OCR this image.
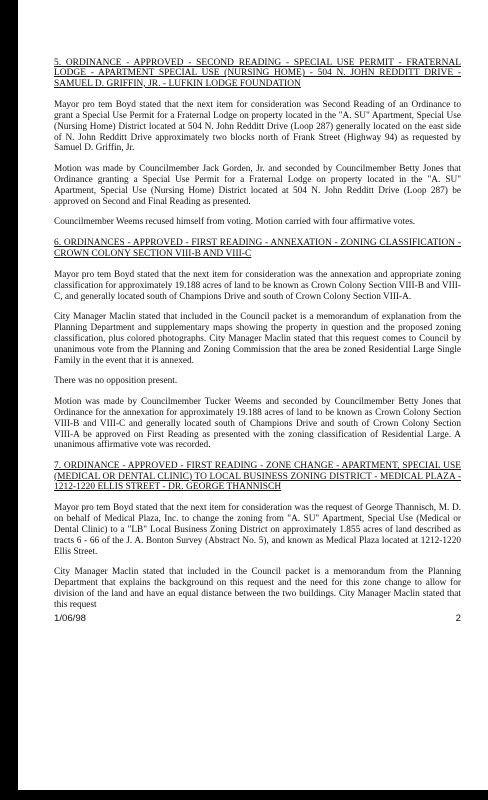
5. ORDINANCE - APPROVED - SECOND READING - SPECIAL USE PERMIT - FRATERNAL LODGE - APARTMENT SPECIAL USE (NURSING HOME) - 504 N. JOHN REDDITT DRIVE - SAMUEL D. GRIFFIN, JR. - LUFKIN LODGE FOUNDATION

Mayor pro tem Boyd stated that the next item for consideration was Second Reading of an Ordinance to grant a Special Use Permit for a Fraternal Lodge on property located in the "A. SU" Apartment, Special Use (Nursing Home) District located at 504 N. John Redditt Drive (Loop 287) generally located on the east side of N. John Redditt Drive approximately two blocks north of Frank Street (Highway 94) as requested by Samuel D. Griffin, Jr.

Motion was made by Councilmember Jack Gorden, Jr. and seconded by Councilmember Betty Jones that Ordinance granting a Special Use Permit for a Fraternal Lodge on property located in the "A. SU" Apartment, Special Use (Nursing Home) District located at 504 N. John Redditt Drive (Loop 287) be approved on Second and Final Reading as presented.

Councilmember Weems recused himself from voting. Motion carried with four affirmative votes.

6. ORDINANCES - APPROVED - FIRST READING - ANNEXATION - ZONING CLASSIFICATION - CROWN COLONY SECTION VIII-B AND VIII-C

Mayor pro tem Boyd stated that the next item for consideration was the annexation and appropriate zoning classification for approximately 19.188 acres of land to be known as Crown Colony Section VIII-B and VIII-C, and generally located south of Champions Drive and south of Crown Colony Section VIII-A.

City Manager Maclin stated that included in the Council packet is a memorandum of explanation from the Planning Department and supplementary maps showing the property in question and the proposed zoning classification, plus colored photographs. City Manager Maclin stated that this request comes to Council by unanimous vote from the Planning and Zoning Commission that the area be zoned Residential Large Single Family in the event that it is annexed.

There was no opposition present.

Motion was made by Councilmember Tucker Weems and seconded by Councilmember Betty Jones that Ordinance for the annexation for approximately 19.188 acres of land to be known as Crown Colony Section VIII-B and VIII-C and generally located south of Champions Drive and south of Crown Colony Section VIII-A be approved on First Reading as presented with the zoning classification of Residential Large. A unanimous affirmative vote was recorded.

7. ORDINANCE - APPROVED - FIRST READING - ZONE CHANGE - APARTMENT, SPECIAL USE (MEDICAL OR DENTAL CLINIC) TO LOCAL BUSINESS ZONING DISTRICT - MEDICAL PLAZA - 1212-1220 ELLIS STREET - DR. GEORGE THANNISCH

Mayor pro tem Boyd stated that the next item for consideration was the request of George Thannisch, M. D. on behalf of Medical Plaza, Inc. to change the zoning from "A. SU" Apartment, Special Use (Medical or Dental Clinic) to a "LB" Local Business Zoning District on approximately 1.855 acres of land described as tracts 6 - 66 of the J. A. Bonton Survey (Abstract No. 5), and known as Medical Plaza located at 1212-1220 Ellis Street.

City Manager Maclin stated that included in the Council packet is a memorandum from the Planning Department that explains the background on this request and the need for this zone change to allow for division of the land and have an equal distance between the two buildings. City Manager Maclin stated that this request

1/06/98	2
